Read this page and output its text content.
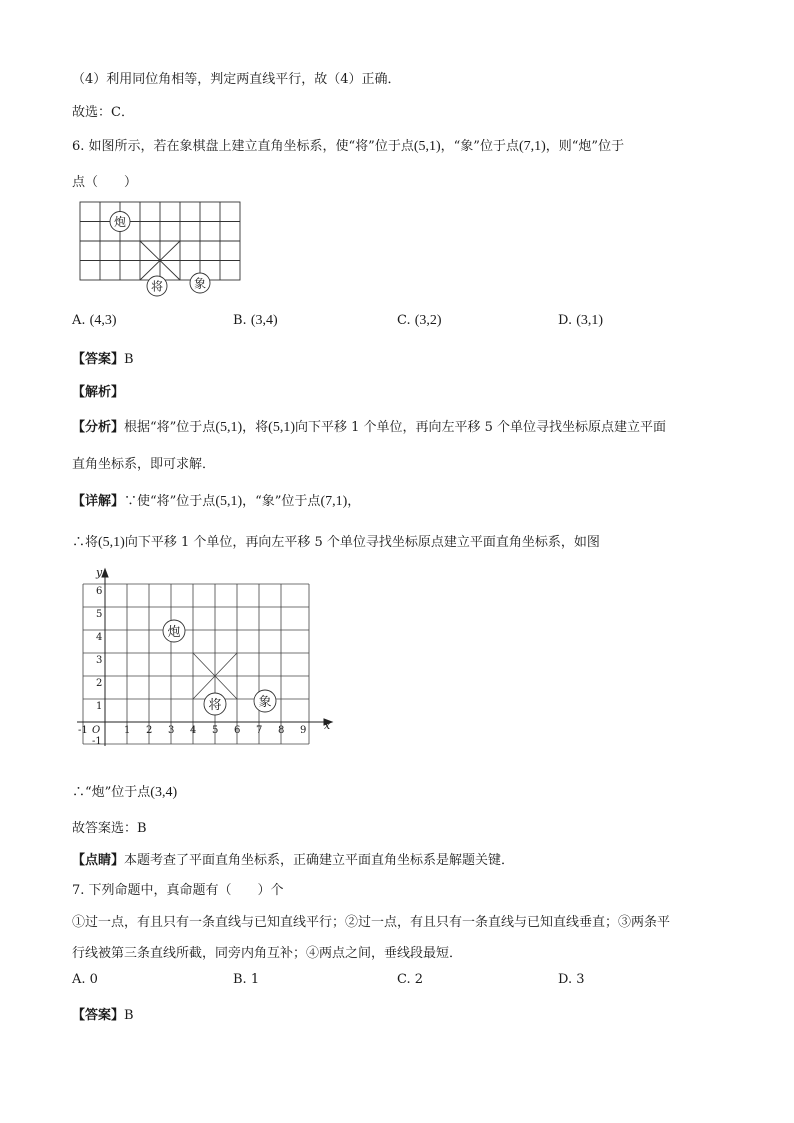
（4）利用同位角相等，判定两直线平行，故（4）正确．
故选：C．
6. 如图所示，若在象棋盘上建立直角坐标系，使“将”位于点(5,1)，“象”位于点(7,1)，则“炮”位于
点（　　）
炮
将	象
A. (4,3)	B. (3,4)	C. (3,2)	D. (3,1)
【答案】B
【解析】
【分析】根据“将”位于点(5,1)，将(5,1)向下平移 1 个单位，再向左平移 5 个单位寻找坐标原点建立平面
直角坐标系，即可求解．
【详解】∵使“将”位于点(5,1)，“象”位于点(7,1)，
∴将(5,1)向下平移 1 个单位，再向左平移 5 个单位寻找坐标原点建立平面直角坐标系，如图
y
x
O
-1	1 2 3 4 5 6 7 8 9
6
5
4
3
2
1
-1
炮
将	象
∴“炮”位于点(3,4)
故答案选：B
【点睛】本题考查了平面直角坐标系，正确建立平面直角坐标系是解题关键．
7. 下列命题中，真命题有（　　）个
①过一点，有且只有一条直线与已知直线平行；②过一点，有且只有一条直线与已知直线垂直；③两条平
行线被第三条直线所截，同旁内角互补；④两点之间，垂线段最短．
A. 0	B. 1	C. 2	D. 3
【答案】B
